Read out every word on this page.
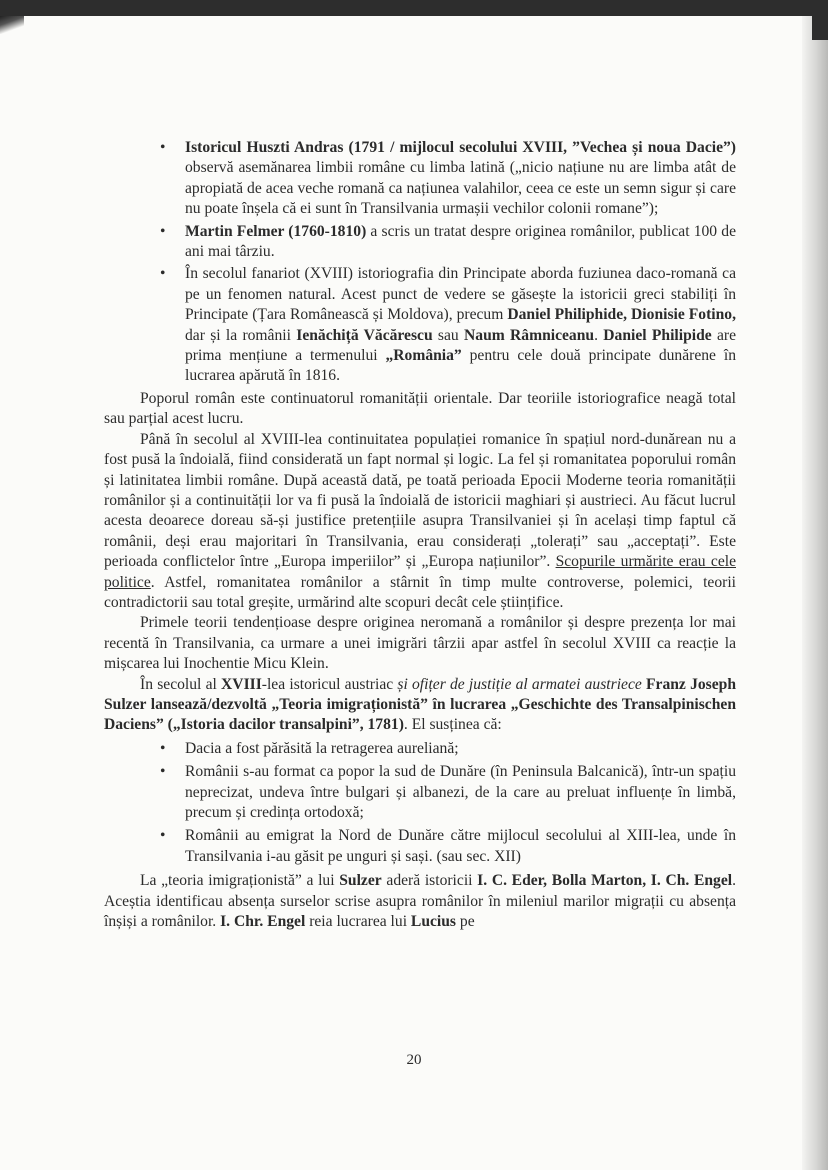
• Istoricul Huszti Andras (1791 / mijlocul secolului XVIII, ”Vechea și noua Dacie”) observă asemănarea limbii române cu limba latină („nicio națiune nu are limba atât de apropiată de acea veche romană ca națiunea valahilor, ceea ce este un semn sigur și care nu poate înșela că ei sunt în Transilvania urmașii vechilor colonii romane”);
• Martin Felmer (1760-1810) a scris un tratat despre originea românilor, publicat 100 de ani mai târziu.
• În secolul fanariot (XVIII) istoriografia din Principate aborda fuziunea daco-romană ca pe un fenomen natural. Acest punct de vedere se găsește la istoricii greci stabiliți în Principate (Țara Românească și Moldova), precum Daniel Philiphide, Dionisie Fotino, dar și la românii Ienăchiță Văcărescu sau Naum Râmniceanu. Daniel Philipide are prima mențiune a termenului „România” pentru cele două principate dunărene în lucrarea apărută în 1816.

Poporul român este continuatorul romanității orientale. Dar teoriile istoriografice neagă total sau parțial acest lucru.

Până în secolul al XVIII-lea continuitatea populației romanice în spațiul nord-dunărean nu a fost pusă la îndoială, fiind considerată un fapt normal și logic. La fel și romanitatea poporului român și latinitatea limbii române. După această dată, pe toată perioada Epocii Moderne teoria romanității românilor și a continuității lor va fi pusă la îndoială de istoricii maghiari și austrieci. Au făcut lucrul acesta deoarece doreau să-și justifice pretențiile asupra Transilvaniei și în același timp faptul că românii, deși erau majoritari în Transilvania, erau considerați „tolerați” sau „acceptați”. Este perioada conflictelor între „Europa imperiilor” și „Europa națiunilor”. Scopurile urmărite erau cele politice. Astfel, romanitatea românilor a stârnit în timp multe controverse, polemici, teorii contradictorii sau total greșite, urmărind alte scopuri decât cele științifice.

Primele teorii tendențioase despre originea neromană a românilor și despre prezența lor mai recentă în Transilvania, ca urmare a unei imigrări târzii apar astfel în secolul XVIII ca reacție la mișcarea lui Inochentie Micu Klein.

În secolul al XVIII-lea istoricul austriac și ofițer de justiție al armatei austriece Franz Joseph Sulzer lansează/dezvoltă „Teoria imigraționistă” în lucrarea „Geschichte des Transalpinischen Daciens” („Istoria dacilor transalpini”, 1781). El susținea că:

• Dacia a fost părăsită la retragerea aureliană;
• Românii s-au format ca popor la sud de Dunăre (în Peninsula Balcanică), într-un spațiu neprecizat, undeva între bulgari și albanezi, de la care au preluat influențe în limbă, precum și credința ortodoxă;
• Românii au emigrat la Nord de Dunăre către mijlocul secolului al XIII-lea, unde în Transilvania i-au găsit pe unguri și sași. (sau sec. XII)

La „teoria imigraționistă” a lui Sulzer aderă istoricii I. C. Eder, Bolla Marton, I. Ch. Engel. Aceștia identificau absența surselor scrise asupra românilor în mileniul marilor migrații cu absența înșiși a românilor. I. Chr. Engel reia lucrarea lui Lucius pe

20
